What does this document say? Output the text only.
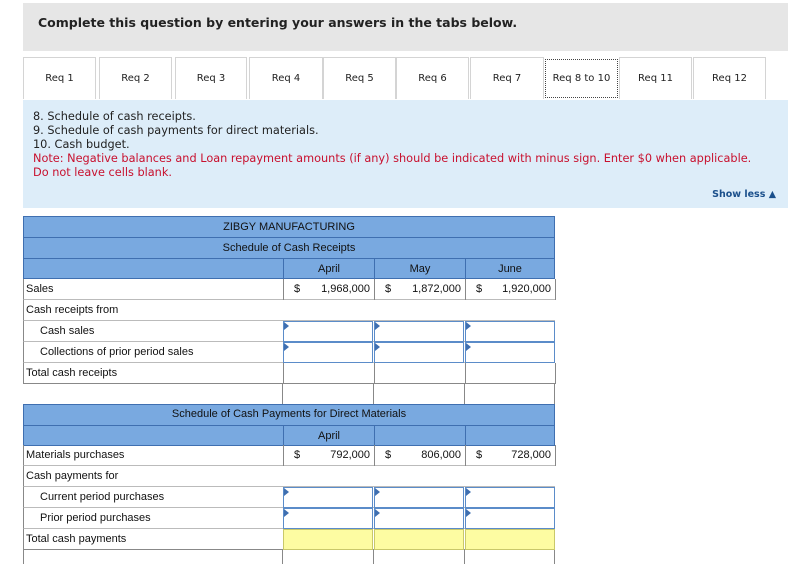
Complete this question by entering your answers in the tabs below.
Req 1	Req 2	Req 3	Req 4	Req 5	Req 6	Req 7	Req 8 to 10	Req 11	Req 12
8. Schedule of cash receipts.
9. Schedule of cash payments for direct materials.
10. Cash budget.
Note: Negative balances and Loan repayment amounts (if any) should be indicated with minus sign. Enter $0 when applicable.
Do not leave cells blank.
Show less ▲
ZIBGY MANUFACTURING
Schedule of Cash Receipts
April	May	June
Sales	$ 1,968,000 $ 1,872,000 $ 1,920,000
Cash receipts from
Cash sales
Collections of prior period sales
Total cash receipts
Schedule of Cash Payments for Direct Materials
April
Materials purchases	$	792,000 $	806,000 $	728,000
Cash payments for
Current period purchases
Prior period purchases
Total cash payments
